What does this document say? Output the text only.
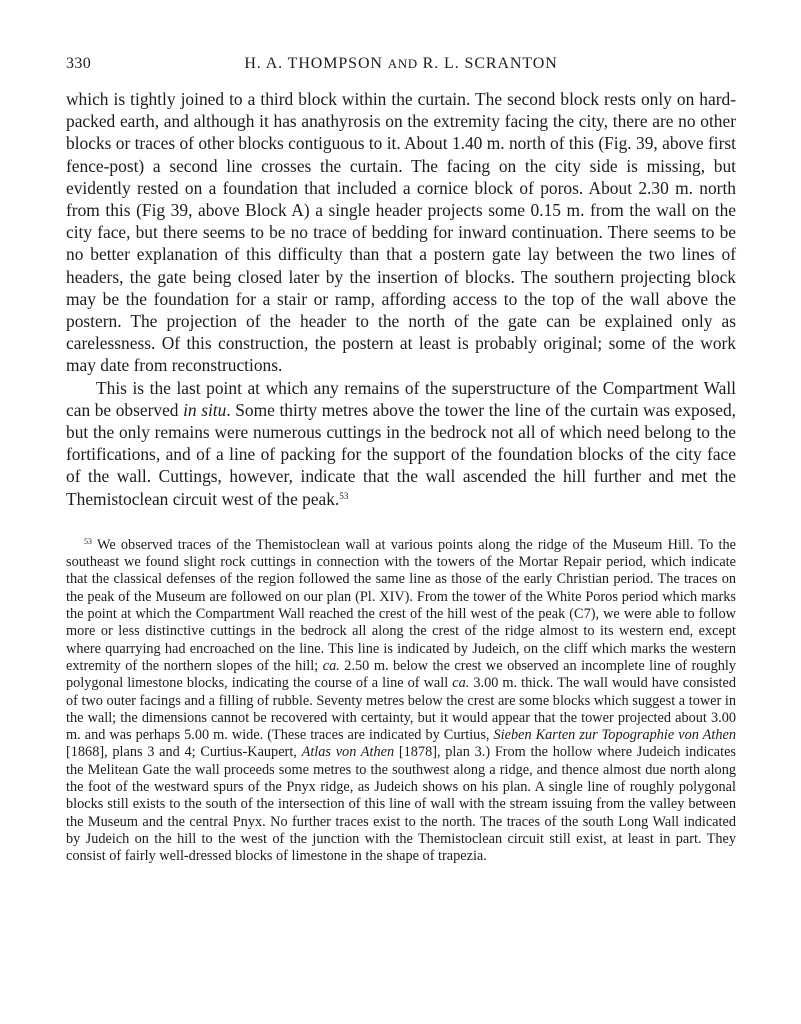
330	H. A. THOMPSON AND R. L. SCRANTON

which is tightly joined to a third block within the curtain. The second block rests only on hard-packed earth, and although it has anathyrosis on the extremity facing the city, there are no other blocks or traces of other blocks contiguous to it. About 1.40 m. north of this (Fig. 39, above first fence-post) a second line crosses the curtain. The facing on the city side is missing, but evidently rested on a foundation that included a cornice block of poros. About 2.30 m. north from this (Fig 39, above Block A) a single header projects some 0.15 m. from the wall on the city face, but there seems to be no trace of bedding for inward continuation. There seems to be no better explanation of this difficulty than that a postern gate lay between the two lines of headers, the gate being closed later by the insertion of blocks. The southern projecting block may be the foundation for a stair or ramp, affording access to the top of the wall above the postern. The projection of the header to the north of the gate can be explained only as carelessness. Of this construction, the postern at least is probably original; some of the work may date from reconstructions.

This is the last point at which any remains of the superstructure of the Compartment Wall can be observed in situ. Some thirty metres above the tower the line of the curtain was exposed, but the only remains were numerous cuttings in the bedrock not all of which need belong to the fortifications, and of a line of packing for the support of the foundation blocks of the city face of the wall. Cuttings, however, indicate that the wall ascended the hill further and met the Themistoclean circuit west of the peak.$^{53}$

$^{53}$ We observed traces of the Themistoclean wall at various points along the ridge of the Museum Hill. To the southeast we found slight rock cuttings in connection with the towers of the Mortar Repair period, which indicate that the classical defenses of the region followed the same line as those of the early Christian period. The traces on the peak of the Museum are followed on our plan (Pl. XIV). From the tower of the White Poros period which marks the point at which the Compartment Wall reached the crest of the hill west of the peak (C7), we were able to follow more or less distinctive cuttings in the bedrock all along the crest of the ridge almost to its western end, except where quarrying had encroached on the line. This line is indicated by Judeich, on the cliff which marks the western extremity of the northern slopes of the hill; ca. 2.50 m. below the crest we observed an incomplete line of roughly polygonal limestone blocks, indicating the course of a line of wall ca. 3.00 m. thick. The wall would have consisted of two outer facings and a filling of rubble. Seventy metres below the crest are some blocks which suggest a tower in the wall; the dimensions cannot be recovered with certainty, but it would appear that the tower projected about 3.00 m. and was perhaps 5.00 m. wide. (These traces are indicated by Curtius, Sieben Karten zur Topographie von Athen [1868], plans 3 and 4; Curtius-Kaupert, Atlas von Athen [1878], plan 3.) From the hollow where Judeich indicates the Melitean Gate the wall proceeds some metres to the southwest along a ridge, and thence almost due north along the foot of the westward spurs of the Pnyx ridge, as Judeich shows on his plan. A single line of roughly polygonal blocks still exists to the south of the intersection of this line of wall with the stream issuing from the valley between the Museum and the central Pnyx. No further traces exist to the north. The traces of the south Long Wall indicated by Judeich on the hill to the west of the junction with the Themistoclean circuit still exist, at least in part. They consist of fairly well-dressed blocks of limestone in the shape of trapezia.
